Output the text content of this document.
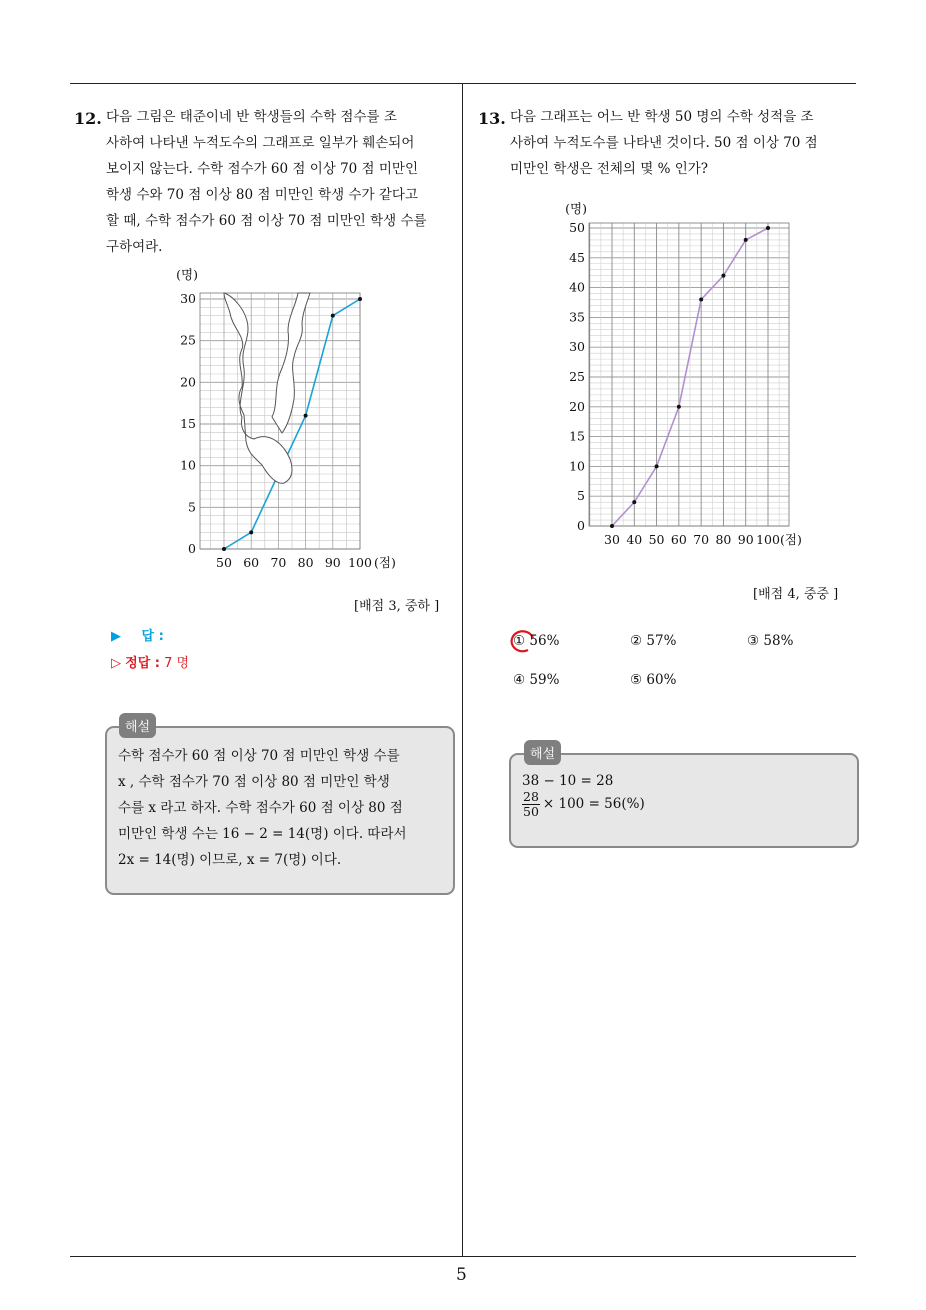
5
12. 다음 그림은 태준이네 반 학생들의 수학 점수를 조
사하여 나타낸 누적도수의 그래프로 일부가 훼손되어
보이지 않는다. 수학 점수가 60 점 이상 70 점 미만인
학생 수와 70 점 이상 80 점 미만인 학생 수가 같다고
할 때, 수학 점수가 60 점 이상 70 점 미만인 학생 수를
구하여라.
0
5
10
15
20
25
30
50 60 70 80 90 100
(명)
(점)
[배점 3, 중하 ]
▶ 답 :
▷ 정답 : 7 명
해설
수학 점수가 60 점 이상 70 점 미만인 학생 수를
x , 수학 점수가 70 점 이상 80 점 미만인 학생
수를 x 라고 하자. 수학 점수가 60 점 이상 80 점
미만인 학생 수는 16 − 2 = 14(명) 이다. 따라서
2x = 14(명) 이므로, x = 7(명) 이다.
13. 다음 그래프는 어느 반 학생 50 명의 수학 성적을 조
사하여 누적도수를 나타낸 것이다. 50 점 이상 70 점
미만인 학생은 전체의 몇 % 인가?
0
5
10
15
20
25
30
35
40
45
50
30 40 50 60 70 80 90 100
(명)
(점)
[배점 4, 중중 ]
① 56%	② 57%	③ 58%
④ 59%	⑤ 60%
해설
38 − 10 = 28
$\frac{28}{50} \times 100 = 56(\%)$
